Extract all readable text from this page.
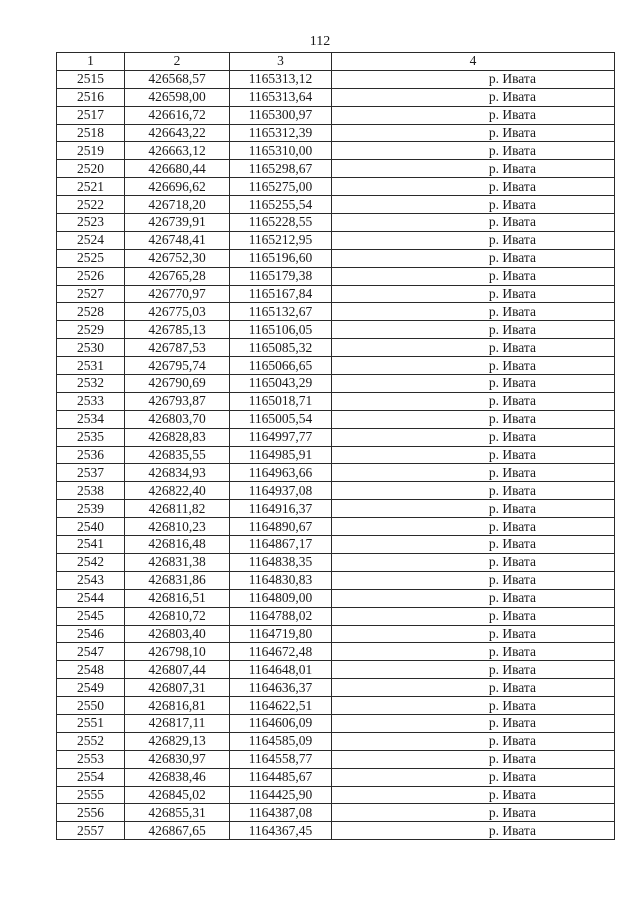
112
1	2	3	4
2515	426568,57	1165313,12	р. Ивата
2516	426598,00	1165313,64	р. Ивата
2517	426616,72	1165300,97	р. Ивата
2518	426643,22	1165312,39	р. Ивата
2519	426663,12	1165310,00	р. Ивата
2520	426680,44	1165298,67	р. Ивата
2521	426696,62	1165275,00	р. Ивата
2522	426718,20	1165255,54	р. Ивата
2523	426739,91	1165228,55	р. Ивата
2524	426748,41	1165212,95	р. Ивата
2525	426752,30	1165196,60	р. Ивата
2526	426765,28	1165179,38	р. Ивата
2527	426770,97	1165167,84	р. Ивата
2528	426775,03	1165132,67	р. Ивата
2529	426785,13	1165106,05	р. Ивата
2530	426787,53	1165085,32	р. Ивата
2531	426795,74	1165066,65	р. Ивата
2532	426790,69	1165043,29	р. Ивата
2533	426793,87	1165018,71	р. Ивата
2534	426803,70	1165005,54	р. Ивата
2535	426828,83	1164997,77	р. Ивата
2536	426835,55	1164985,91	р. Ивата
2537	426834,93	1164963,66	р. Ивата
2538	426822,40	1164937,08	р. Ивата
2539	426811,82	1164916,37	р. Ивата
2540	426810,23	1164890,67	р. Ивата
2541	426816,48	1164867,17	р. Ивата
2542	426831,38	1164838,35	р. Ивата
2543	426831,86	1164830,83	р. Ивата
2544	426816,51	1164809,00	р. Ивата
2545	426810,72	1164788,02	р. Ивата
2546	426803,40	1164719,80	р. Ивата
2547	426798,10	1164672,48	р. Ивата
2548	426807,44	1164648,01	р. Ивата
2549	426807,31	1164636,37	р. Ивата
2550	426816,81	1164622,51	р. Ивата
2551	426817,11	1164606,09	р. Ивата
2552	426829,13	1164585,09	р. Ивата
2553	426830,97	1164558,77	р. Ивата
2554	426838,46	1164485,67	р. Ивата
2555	426845,02	1164425,90	р. Ивата
2556	426855,31	1164387,08	р. Ивата
2557	426867,65	1164367,45	р. Ивата
